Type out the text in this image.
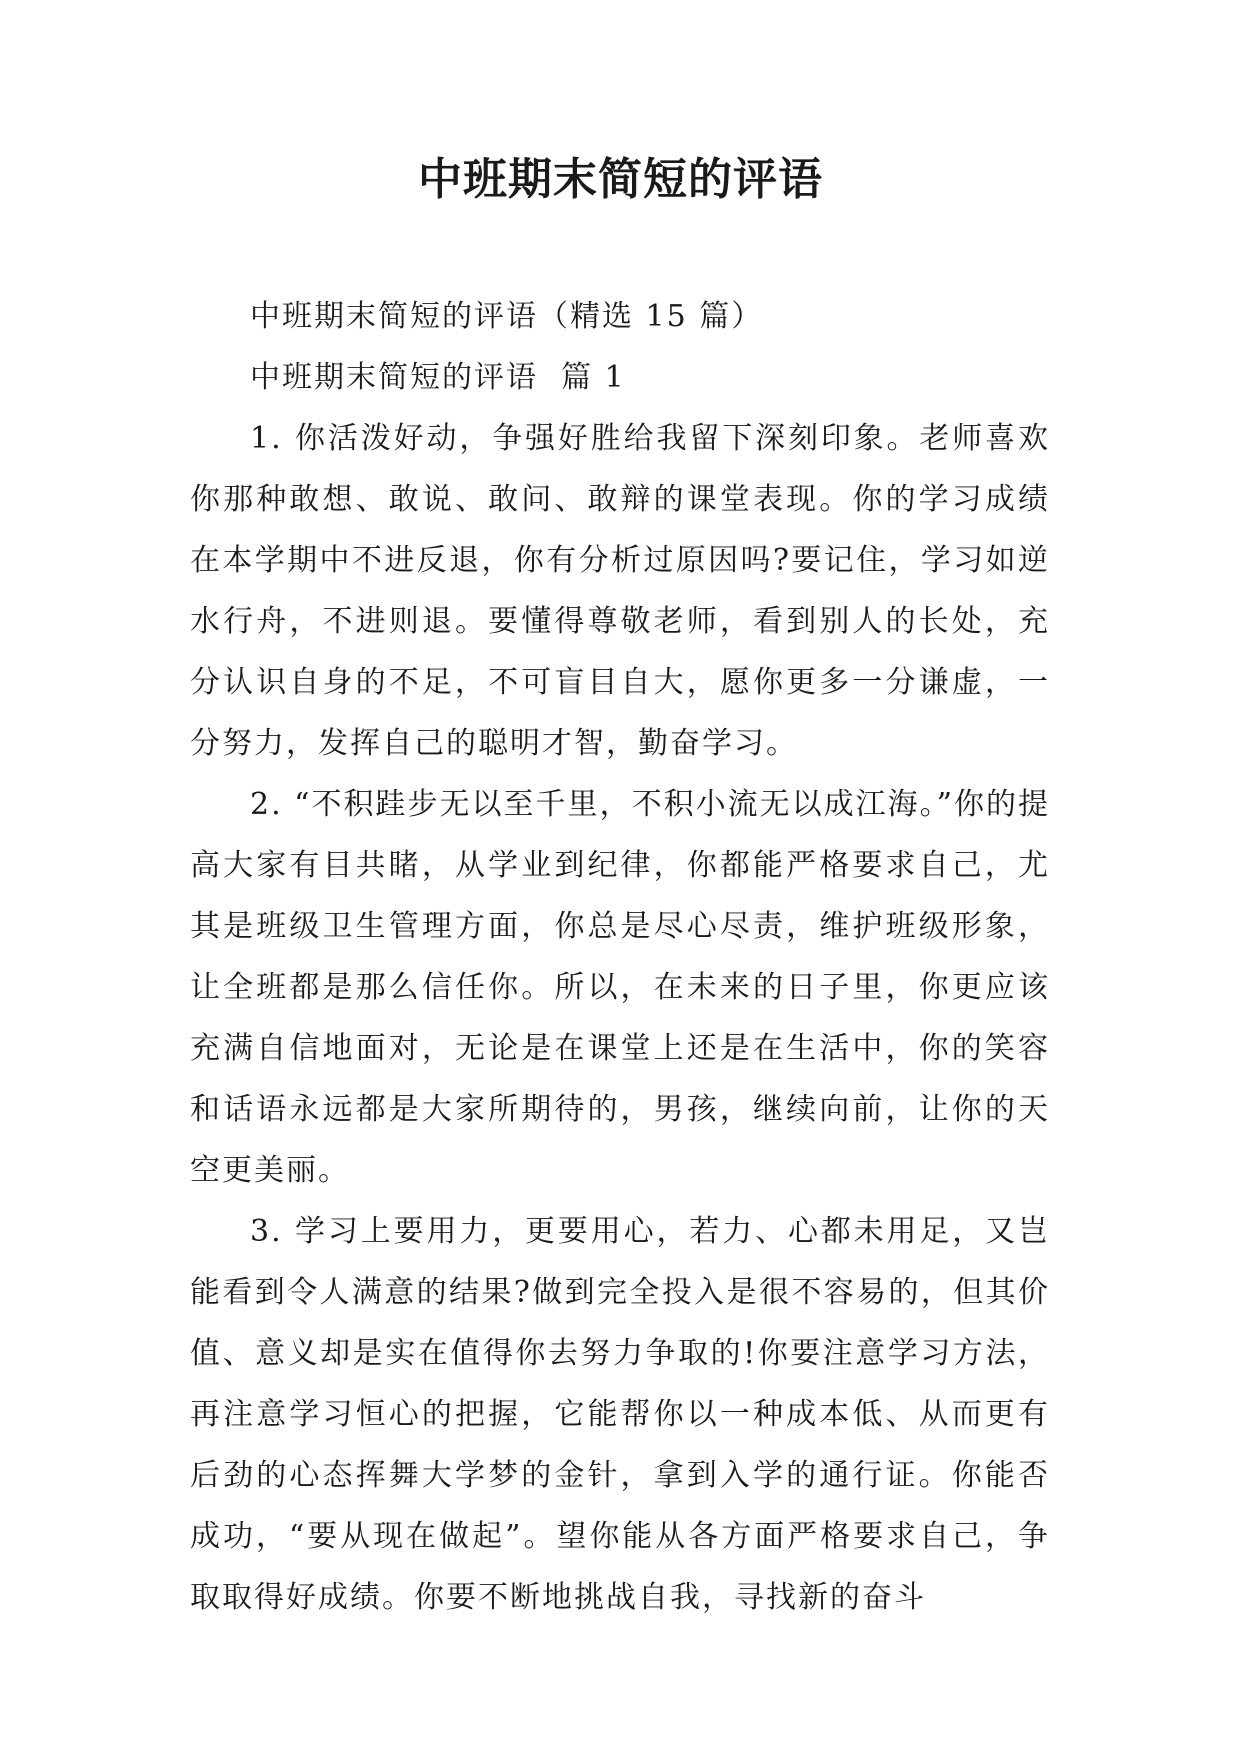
中班期末简短的评语

中班期末简短的评语（精选 15 篇）

中班期末简短的评语  篇 1

1. 你活泼好动，争强好胜给我留下深刻印象。老师喜欢你那种敢想、敢说、敢问、敢辩的课堂表现。你的学习成绩在本学期中不进反退，你有分析过原因吗?要记住，学习如逆水行舟，不进则退。要懂得尊敬老师，看到别人的长处，充分认识自身的不足，不可盲目自大，愿你更多一分谦虚，一分努力，发挥自己的聪明才智，勤奋学习。

2. “不积跬步无以至千里，不积小流无以成江海。”你的提高大家有目共睹，从学业到纪律，你都能严格要求自己，尤其是班级卫生管理方面，你总是尽心尽责，维护班级形象，让全班都是那么信任你。所以，在未来的日子里，你更应该充满自信地面对，无论是在课堂上还是在生活中，你的笑容和话语永远都是大家所期待的，男孩，继续向前，让你的天空更美丽。

3. 学习上要用力，更要用心，若力、心都未用足，又岂能看到令人满意的结果?做到完全投入是很不容易的，但其价值、意义却是实在值得你去努力争取的!你要注意学习方法，再注意学习恒心的把握，它能帮你以一种成本低、从而更有后劲的心态挥舞大学梦的金针，拿到入学的通行证。你能否成功，“要从现在做起”。望你能从各方面严格要求自己，争取取得好成绩。你要不断地挑战自我，寻找新的奋斗
